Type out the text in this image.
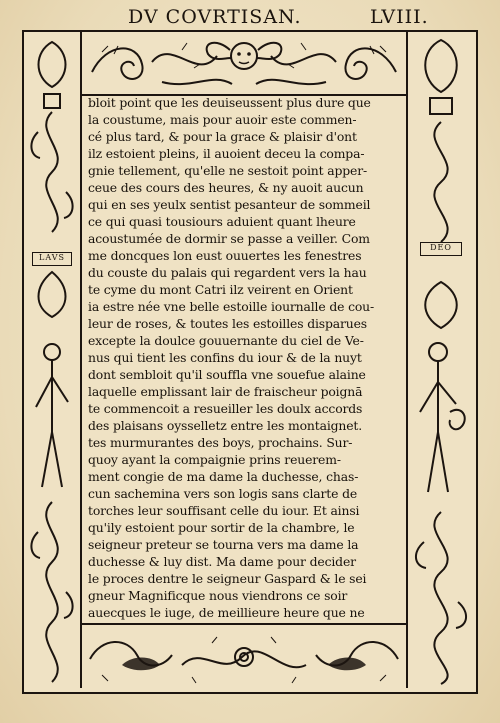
DV COVRTISAN.	LVIII.
LAVS
DEO
bloit point que les deuiseussent plus dure que
la coustume, mais pour auoir este commen-
cé plus tard, & pour la grace & plaisir d'ont
ilz estoient pleins, il auoient deceu la compa-
gnie tellement, qu'elle ne sestoit point apper-
ceue des cours des heures, & ny auoit aucun
qui en ses yeulx sentist pesanteur de sommeil
ce qui quasi tousiours aduient quant lheure
acoustumée de dormir se passe a veiller. Com
me doncques lon eust ouuertes les fenestres
du couste du palais qui regardent vers la hau
te cyme du mont Catri ilz veirent en Orient
ia estre née vne belle estoille iournalle de cou-
leur de roses, & toutes les estoilles disparues
excepte la doulce gouuernante du ciel de Ve-
nus qui tient les confins du iour & de la nuyt
dont sembloit qu'il soufflа vne souefue alaine
laquelle emplissant lair de fraischeur poignā
te commencoit a resueiller les doulx accords
des plaisans oysselletz entre les montaignet.
tes murmurantes des boys, prochains. Sur-
quoy ayant la compaignie prins reuerem-
ment congie de ma dame la duchesse, chas-
cun sachemina vers son logis sans clarte de
torches leur souffisant celle du iour. Et ainsi
qu'ily estoient pour sortir de la chambre, le
seigneur preteur se tourna vers ma dame la
duchesse & luy dist. Ma dame pour decider
le proces dentre le seigneur Gaspard & le sei
gneur Magnificque nous viendrons ce soir
auecques le iuge, de meillieure heure que ne
